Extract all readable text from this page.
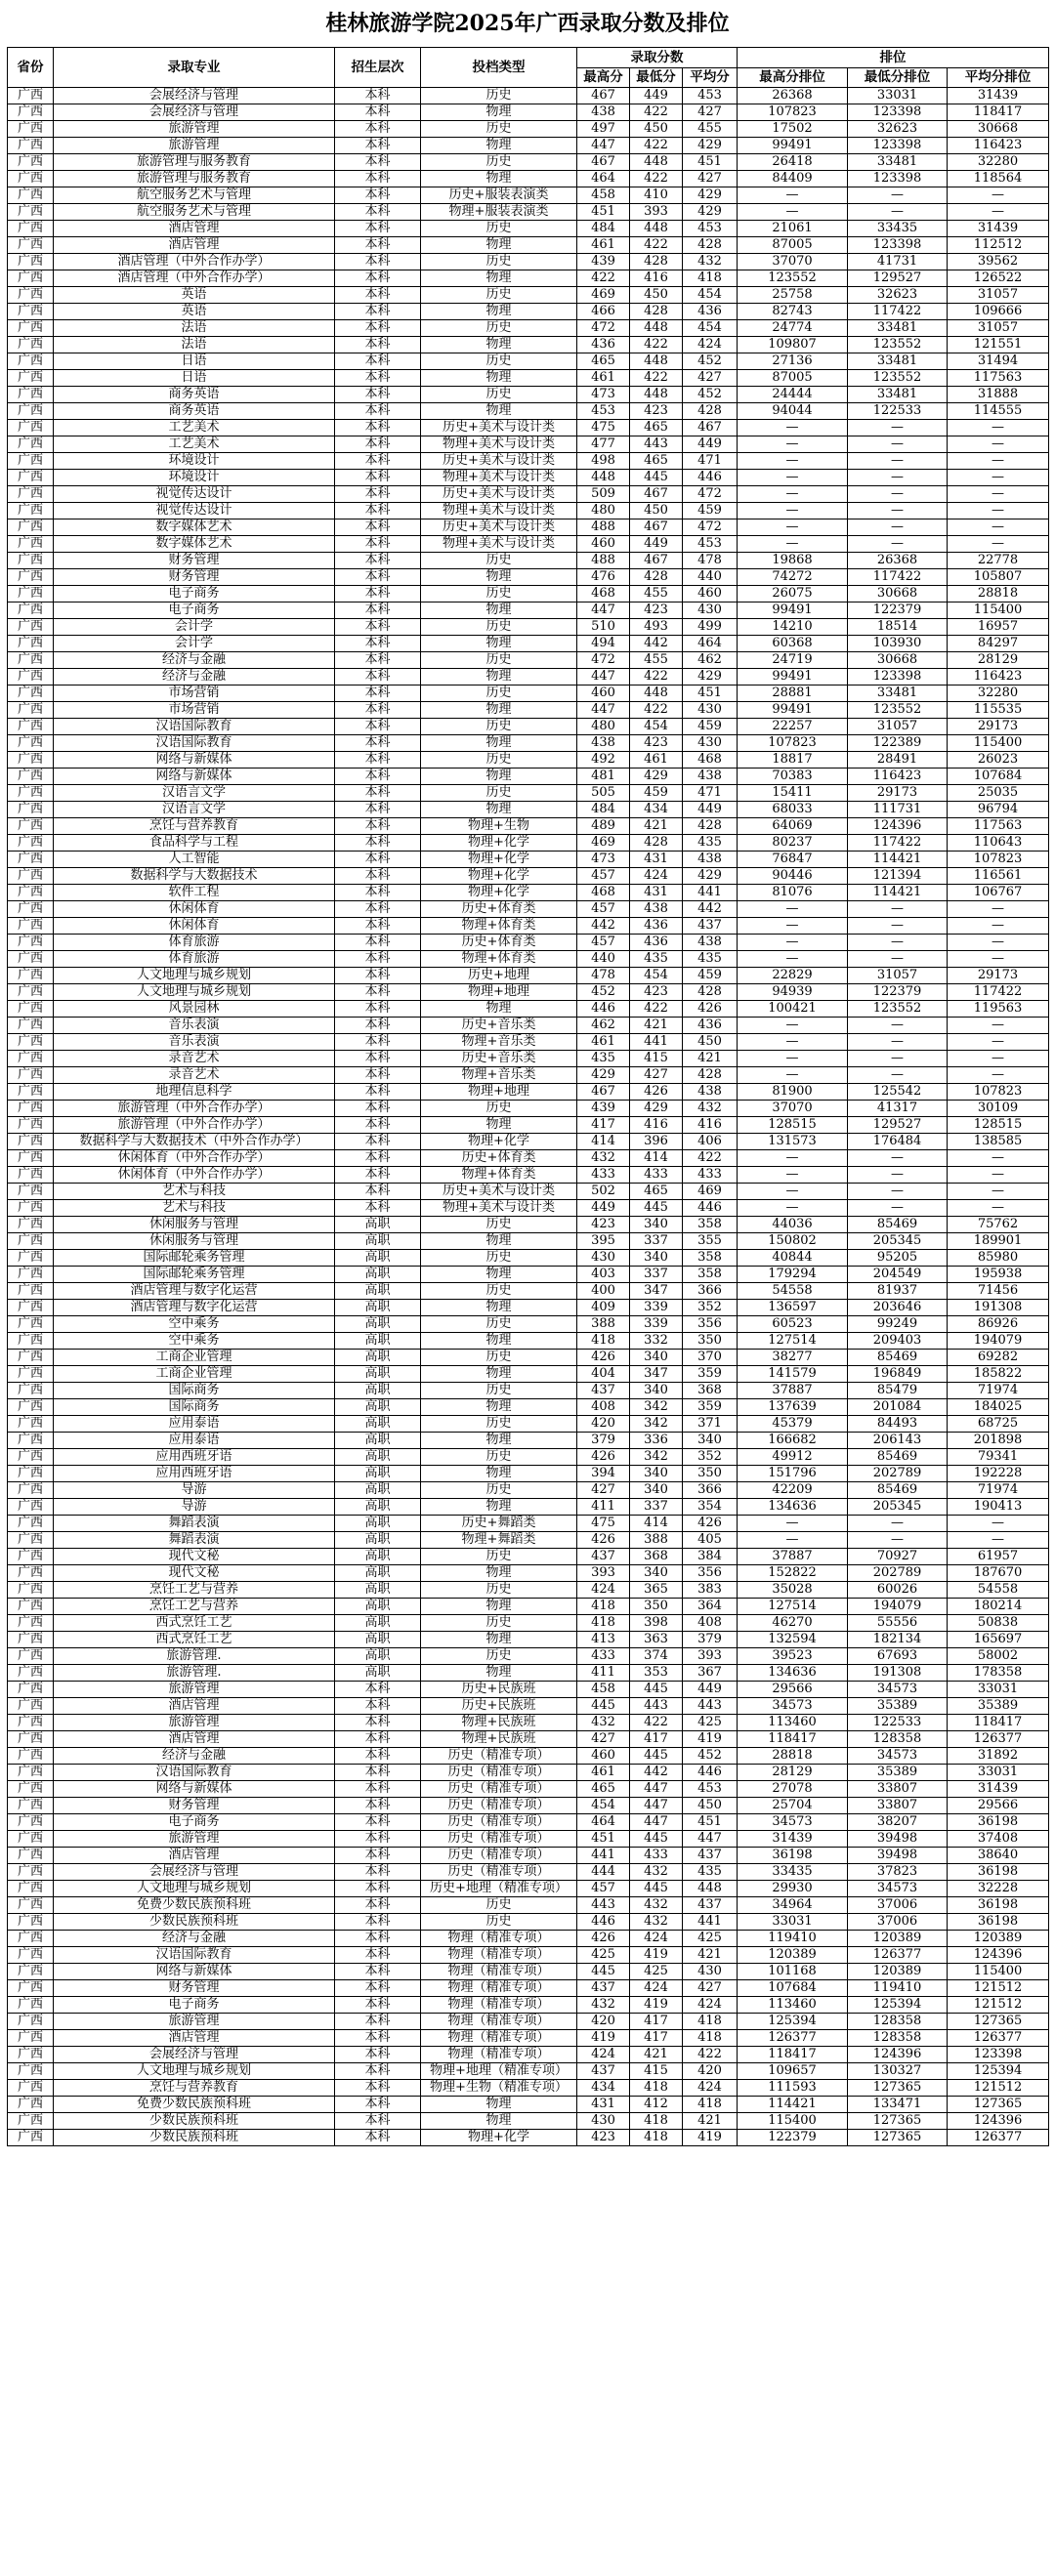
桂林旅游学院2025年广西录取分数及排位
省份	录取专业	招生层次	投档类型	录取分数			排位		
				最高分	最低分	平均分	最高分排位	最低分排位	平均分排位
广西	会展经济与管理	本科	历史	467	449	453	26368	33031	31439
广西	会展经济与管理	本科	物理	438	422	427	107823	123398	118417
广西	旅游管理	本科	历史	497	450	455	17502	32623	30668
广西	旅游管理	本科	物理	447	422	429	99491	123398	116423
广西	旅游管理与服务教育	本科	历史	467	448	451	26418	33481	32280
广西	旅游管理与服务教育	本科	物理	464	422	427	84409	123398	118564
广西	航空服务艺术与管理	本科	历史+服装表演类	458	410	429	—	—	—
广西	航空服务艺术与管理	本科	物理+服装表演类	451	393	429	—	—	—
广西	酒店管理	本科	历史	484	448	453	21061	33435	31439
广西	酒店管理	本科	物理	461	422	428	87005	123398	112512
广西	酒店管理（中外合作办学）	本科	历史	439	428	432	37070	41731	39562
广西	酒店管理（中外合作办学）	本科	物理	422	416	418	123552	129527	126522
广西	英语	本科	历史	469	450	454	25758	32623	31057
广西	英语	本科	物理	466	428	436	82743	117422	109666
广西	法语	本科	历史	472	448	454	24774	33481	31057
广西	法语	本科	物理	436	422	424	109807	123552	121551
广西	日语	本科	历史	465	448	452	27136	33481	31494
广西	日语	本科	物理	461	422	427	87005	123552	117563
广西	商务英语	本科	历史	473	448	452	24444	33481	31888
广西	商务英语	本科	物理	453	423	428	94044	122533	114555
广西	工艺美术	本科	历史+美术与设计类	475	465	467	—	—	—
广西	工艺美术	本科	物理+美术与设计类	477	443	449	—	—	—
广西	环境设计	本科	历史+美术与设计类	498	465	471	—	—	—
广西	环境设计	本科	物理+美术与设计类	448	445	446	—	—	—
广西	视觉传达设计	本科	历史+美术与设计类	509	467	472	—	—	—
广西	视觉传达设计	本科	物理+美术与设计类	480	450	459	—	—	—
广西	数字媒体艺术	本科	历史+美术与设计类	488	467	472	—	—	—
广西	数字媒体艺术	本科	物理+美术与设计类	460	449	453	—	—	—
广西	财务管理	本科	历史	488	467	478	19868	26368	22778
广西	财务管理	本科	物理	476	428	440	74272	117422	105807
广西	电子商务	本科	历史	468	455	460	26075	30668	28818
广西	电子商务	本科	物理	447	423	430	99491	122379	115400
广西	会计学	本科	历史	510	493	499	14210	18514	16957
广西	会计学	本科	物理	494	442	464	60368	103930	84297
广西	经济与金融	本科	历史	472	455	462	24719	30668	28129
广西	经济与金融	本科	物理	447	422	429	99491	123398	116423
广西	市场营销	本科	历史	460	448	451	28881	33481	32280
广西	市场营销	本科	物理	447	422	430	99491	123552	115535
广西	汉语国际教育	本科	历史	480	454	459	22257	31057	29173
广西	汉语国际教育	本科	物理	438	423	430	107823	122389	115400
广西	网络与新媒体	本科	历史	492	461	468	18817	28491	26023
广西	网络与新媒体	本科	物理	481	429	438	70383	116423	107684
广西	汉语言文学	本科	历史	505	459	471	15411	29173	25035
广西	汉语言文学	本科	物理	484	434	449	68033	111731	96794
广西	烹饪与营养教育	本科	物理+生物	489	421	428	64069	124396	117563
广西	食品科学与工程	本科	物理+化学	469	428	435	80237	117422	110643
广西	人工智能	本科	物理+化学	473	431	438	76847	114421	107823
广西	数据科学与大数据技术	本科	物理+化学	457	424	429	90446	121394	116561
广西	软件工程	本科	物理+化学	468	431	441	81076	114421	106767
广西	休闲体育	本科	历史+体育类	457	438	442	—	—	—
广西	休闲体育	本科	物理+体育类	442	436	437	—	—	—
广西	体育旅游	本科	历史+体育类	457	436	438	—	—	—
广西	体育旅游	本科	物理+体育类	440	435	435	—	—	—
广西	人文地理与城乡规划	本科	历史+地理	478	454	459	22829	31057	29173
广西	人文地理与城乡规划	本科	物理+地理	452	423	428	94939	122379	117422
广西	风景园林	本科	物理	446	422	426	100421	123552	119563
广西	音乐表演	本科	历史+音乐类	462	421	436	—	—	—
广西	音乐表演	本科	物理+音乐类	461	441	450	—	—	—
广西	录音艺术	本科	历史+音乐类	435	415	421	—	—	—
广西	录音艺术	本科	物理+音乐类	429	427	428	—	—	—
广西	地理信息科学	本科	物理+地理	467	426	438	81900	125542	107823
广西	旅游管理（中外合作办学）	本科	历史	439	429	432	37070	41317	30109
广西	旅游管理（中外合作办学）	本科	物理	417	416	416	128515	129527	128515
广西	数据科学与大数据技术（中外合作办学）	本科	物理+化学	414	396	406	131573	176484	138585
广西	休闲体育（中外合作办学）	本科	历史+体育类	432	414	422	—	—	—
广西	休闲体育（中外合作办学）	本科	物理+体育类	433	433	433	—	—	—
广西	艺术与科技	本科	历史+美术与设计类	502	465	469	—	—	—
广西	艺术与科技	本科	物理+美术与设计类	449	445	446	—	—	—
广西	休闲服务与管理	高职	历史	423	340	358	44036	85469	75762
广西	休闲服务与管理	高职	物理	395	337	355	150802	205345	189901
广西	国际邮轮乘务管理	高职	历史	430	340	358	40844	95205	85980
广西	国际邮轮乘务管理	高职	物理	403	337	358	179294	204549	195938
广西	酒店管理与数字化运营	高职	历史	400	347	366	54558	81937	71456
广西	酒店管理与数字化运营	高职	物理	409	339	352	136597	203646	191308
广西	空中乘务	高职	历史	388	339	356	60523	99249	86926
广西	空中乘务	高职	物理	418	332	350	127514	209403	194079
广西	工商企业管理	高职	历史	426	340	370	38277	85469	69282
广西	工商企业管理	高职	物理	404	347	359	141579	196849	185822
广西	国际商务	高职	历史	437	340	368	37887	85479	71974
广西	国际商务	高职	物理	408	342	359	137639	201084	184025
广西	应用泰语	高职	历史	420	342	371	45379	84493	68725
广西	应用泰语	高职	物理	379	336	340	166682	206143	201898
广西	应用西班牙语	高职	历史	426	342	352	49912	85469	79341
广西	应用西班牙语	高职	物理	394	340	350	151796	202789	192228
广西	导游	高职	历史	427	340	366	42209	85469	71974
广西	导游	高职	物理	411	337	354	134636	205345	190413
广西	舞蹈表演	高职	历史+舞蹈类	475	414	426	—	—	—
广西	舞蹈表演	高职	物理+舞蹈类	426	388	405	—	—	—
广西	现代文秘	高职	历史	437	368	384	37887	70927	61957
广西	现代文秘	高职	物理	393	340	356	152822	202789	187670
广西	烹饪工艺与营养	高职	历史	424	365	383	35028	60026	54558
广西	烹饪工艺与营养	高职	物理	418	350	364	127514	194079	180214
广西	西式烹饪工艺	高职	历史	418	398	408	46270	55556	50838
广西	西式烹饪工艺	高职	物理	413	363	379	132594	182134	165697
广西	旅游管理.	高职	历史	433	374	393	39523	67693	58002
广西	旅游管理.	高职	物理	411	353	367	134636	191308	178358
广西	旅游管理	本科	历史+民族班	458	445	449	29566	34573	33031
广西	酒店管理	本科	历史+民族班	445	443	443	34573	35389	35389
广西	旅游管理	本科	物理+民族班	432	422	425	113460	122533	118417
广西	酒店管理	本科	物理+民族班	427	417	419	118417	128358	126377
广西	经济与金融	本科	历史（精准专项）	460	445	452	28818	34573	31892
广西	汉语国际教育	本科	历史（精准专项）	461	442	446	28129	35389	33031
广西	网络与新媒体	本科	历史（精准专项）	465	447	453	27078	33807	31439
广西	财务管理	本科	历史（精准专项）	454	447	450	25704	33807	29566
广西	电子商务	本科	历史（精准专项）	464	447	451	34573	38207	36198
广西	旅游管理	本科	历史（精准专项）	451	445	447	31439	39498	37408
广西	酒店管理	本科	历史（精准专项）	441	433	437	36198	39498	38640
广西	会展经济与管理	本科	历史（精准专项）	444	432	435	33435	37823	36198
广西	人文地理与城乡规划	本科	历史+地理（精准专项）	457	445	448	29930	34573	32228
广西	免费少数民族预科班	本科	历史	443	432	437	34964	37006	36198
广西	少数民族预科班	本科	历史	446	432	441	33031	37006	36198
广西	经济与金融	本科	物理（精准专项）	426	424	425	119410	120389	120389
广西	汉语国际教育	本科	物理（精准专项）	425	419	421	120389	126377	124396
广西	网络与新媒体	本科	物理（精准专项）	445	425	430	101168	120389	115400
广西	财务管理	本科	物理（精准专项）	437	424	427	107684	119410	121512
广西	电子商务	本科	物理（精准专项）	432	419	424	113460	125394	121512
广西	旅游管理	本科	物理（精准专项）	420	417	418	125394	128358	127365
广西	酒店管理	本科	物理（精准专项）	419	417	418	126377	128358	126377
广西	会展经济与管理	本科	物理（精准专项）	424	421	422	118417	124396	123398
广西	人文地理与城乡规划	本科	物理+地理（精准专项）	437	415	420	109657	130327	125394
广西	烹饪与营养教育	本科	物理+生物（精准专项）	434	418	424	111593	127365	121512
广西	免费少数民族预科班	本科	物理	431	412	418	114421	133471	127365
广西	少数民族预科班	本科	物理	430	418	421	115400	127365	124396
广西	少数民族预科班	本科	物理+化学	423	418	419	122379	127365	126377
